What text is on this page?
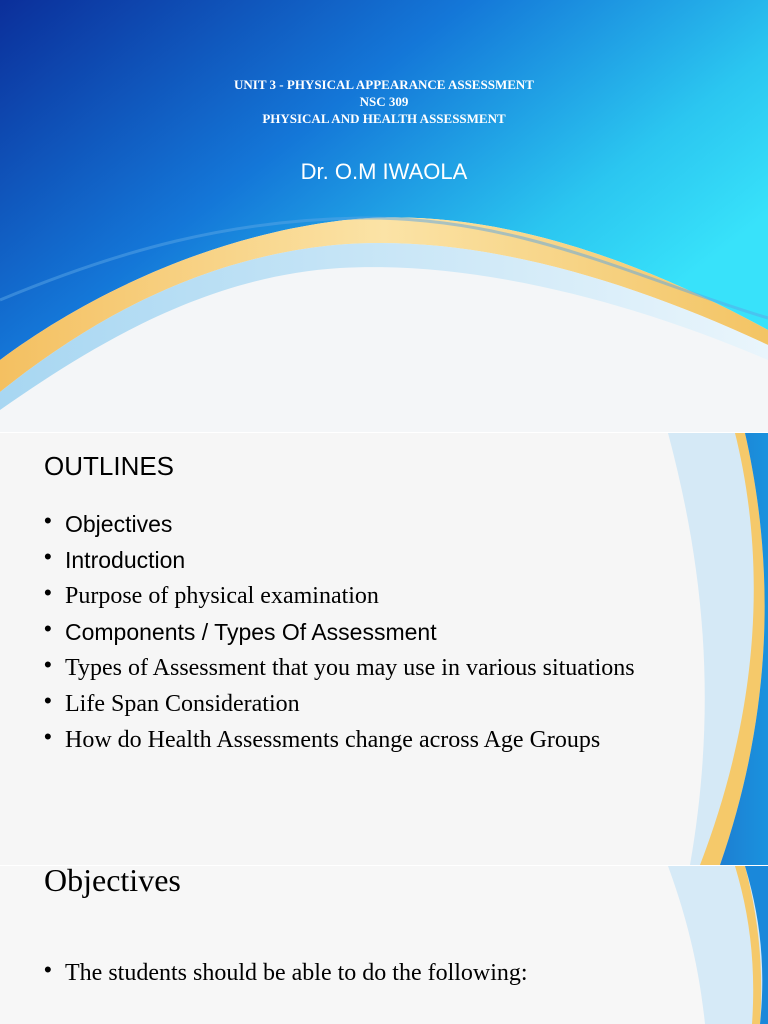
UNIT 3 - PHYSICAL APPEARANCE ASSESSMENT
NSC 309
PHYSICAL AND HEALTH ASSESSMENT
Dr. O.M IWAOLA
OUTLINES
• Objectives
• Introduction
• Purpose of physical examination
• Components / Types Of Assessment
• Types of Assessment that you may use in various situations
• Life Span Consideration
• How do Health Assessments change across Age Groups
Objectives
• The students should be able to do the following:
